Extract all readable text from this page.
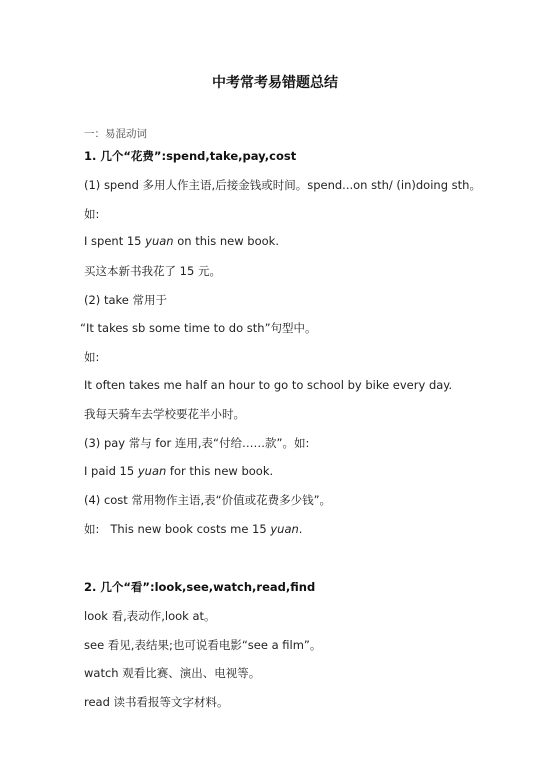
中考常考易错题总结
一：易混动词
1. 几个“花费”:spend,take,pay,cost
(1) spend 多用人作主语,后接金钱或时间。spend...on sth/ (in)doing sth。
如:
I spent 15 yuan on this new book.
买这本新书我花了 15 元。
(2) take 常用于
“It takes sb some time to do sth”句型中。
如:
It often takes me half an hour to go to school by bike every day.
我每天骑车去学校要花半小时。
(3) pay 常与 for 连用,表“付给……款”。如:
I paid 15 yuan for this new book.
(4) cost 常用物作主语,表“价值或花费多少钱”。
如:   This new book costs me 15 yuan.
2. 几个“看”:look,see,watch,read,find
look 看,表动作,look at。
see 看见,表结果;也可说看电影“see a film”。
watch 观看比赛、演出、电视等。
read 读书看报等文字材料。
